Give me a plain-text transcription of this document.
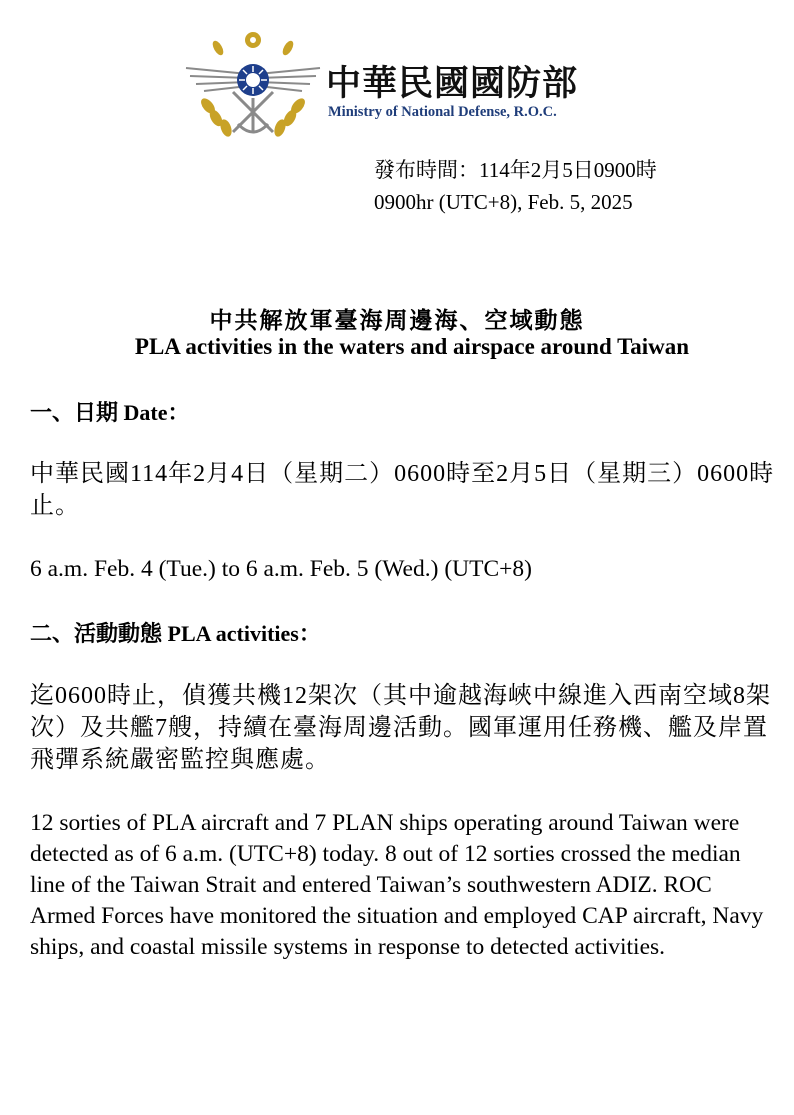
中華民國國防部
Ministry of National Defense, R.O.C.
發布時間：114年2月5日0900時
0900hr (UTC+8), Feb. 5, 2025
中共解放軍臺海周邊海、空域動態
PLA activities in the waters and airspace around Taiwan
一、日期 Date：
中華民國114年2月4日（星期二）0600時至2月5日（星期三）0600時止。
6 a.m. Feb. 4 (Tue.) to 6 a.m. Feb. 5 (Wed.) (UTC+8)
二、活動動態 PLA activities：
迄0600時止，偵獲共機12架次（其中逾越海峽中線進入西南空域8架次）及共艦7艘，持續在臺海周邊活動。國軍運用任務機、艦及岸置飛彈系統嚴密監控與應處。
12 sorties of PLA aircraft and 7 PLAN ships operating around Taiwan were detected as of 6 a.m. (UTC+8) today. 8 out of 12 sorties crossed the median line of the Taiwan Strait and entered Taiwan’s southwestern ADIZ. ROC Armed Forces have monitored the situation and employed CAP aircraft, Navy ships, and coastal missile systems in response to detected activities.
